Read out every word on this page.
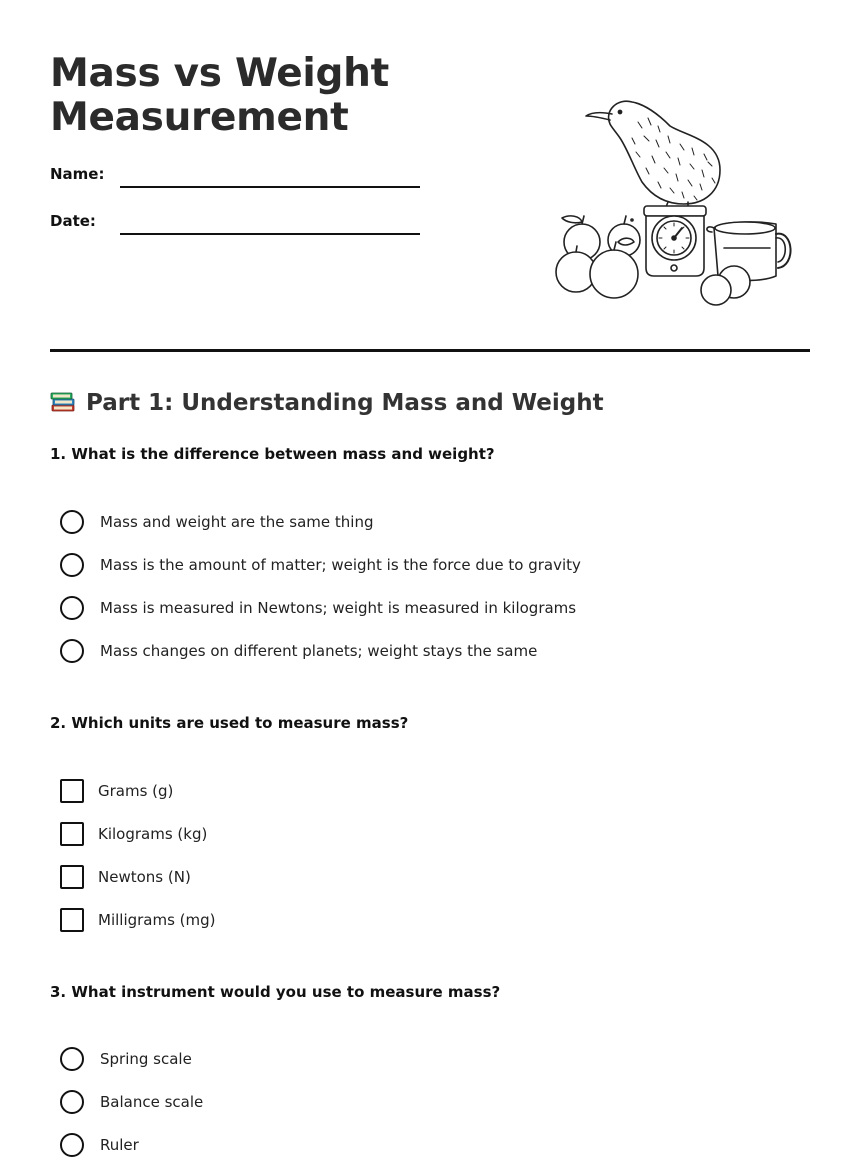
Mass vs Weight
Measurement
Name:
Date:
Part 1: Understanding Mass and Weight

1. What is the difference between mass and weight?

Mass and weight are the same thing
Mass is the amount of matter; weight is the force due to gravity
Mass is measured in Newtons; weight is measured in kilograms
Mass changes on different planets; weight stays the same

2. Which units are used to measure mass?

Grams (g)
Kilograms (kg)
Newtons (N)
Milligrams (mg)

3. What instrument would you use to measure mass?

Spring scale
Balance scale
Ruler
